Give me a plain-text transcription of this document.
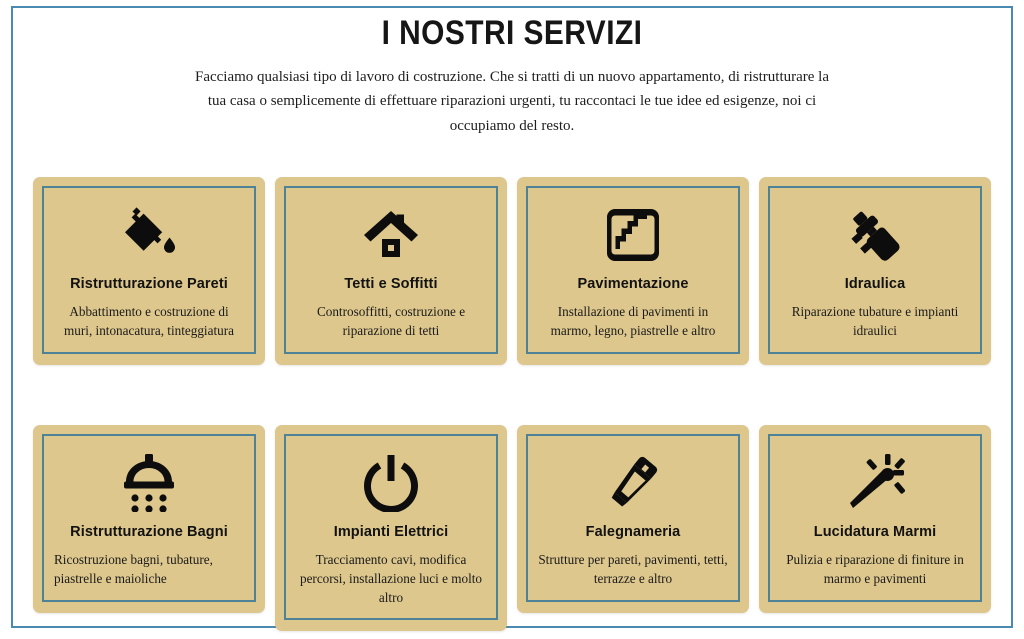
I NOSTRI SERVIZI

Facciamo qualsiasi tipo di lavoro di costruzione. Che si tratti di un nuovo appartamento, di ristrutturare la tua casa o semplicemente di effettuare riparazioni urgenti, tu raccontaci le tue idee ed esigenze, noi ci occupiamo del resto.

Ristrutturazione Pareti
Abbattimento e costruzione di muri, intonacatura, tinteggiatura
Tetti e Soffitti
Controsoffitti, costruzione e riparazione di tetti
Pavimentazione
Installazione di pavimenti in marmo, legno, piastrelle e altro
Idraulica
Riparazione tubature e impianti idraulici
Ristrutturazione Bagni
Ricostruzione bagni, tubature, piastrelle e maioliche
Impianti Elettrici
Tracciamento cavi, modifica percorsi, installazione luci e molto altro
Falegnameria
Strutture per pareti, pavimenti, tetti, terrazze e altro
Lucidatura Marmi
Pulizia e riparazione di finiture in marmo e pavimenti
